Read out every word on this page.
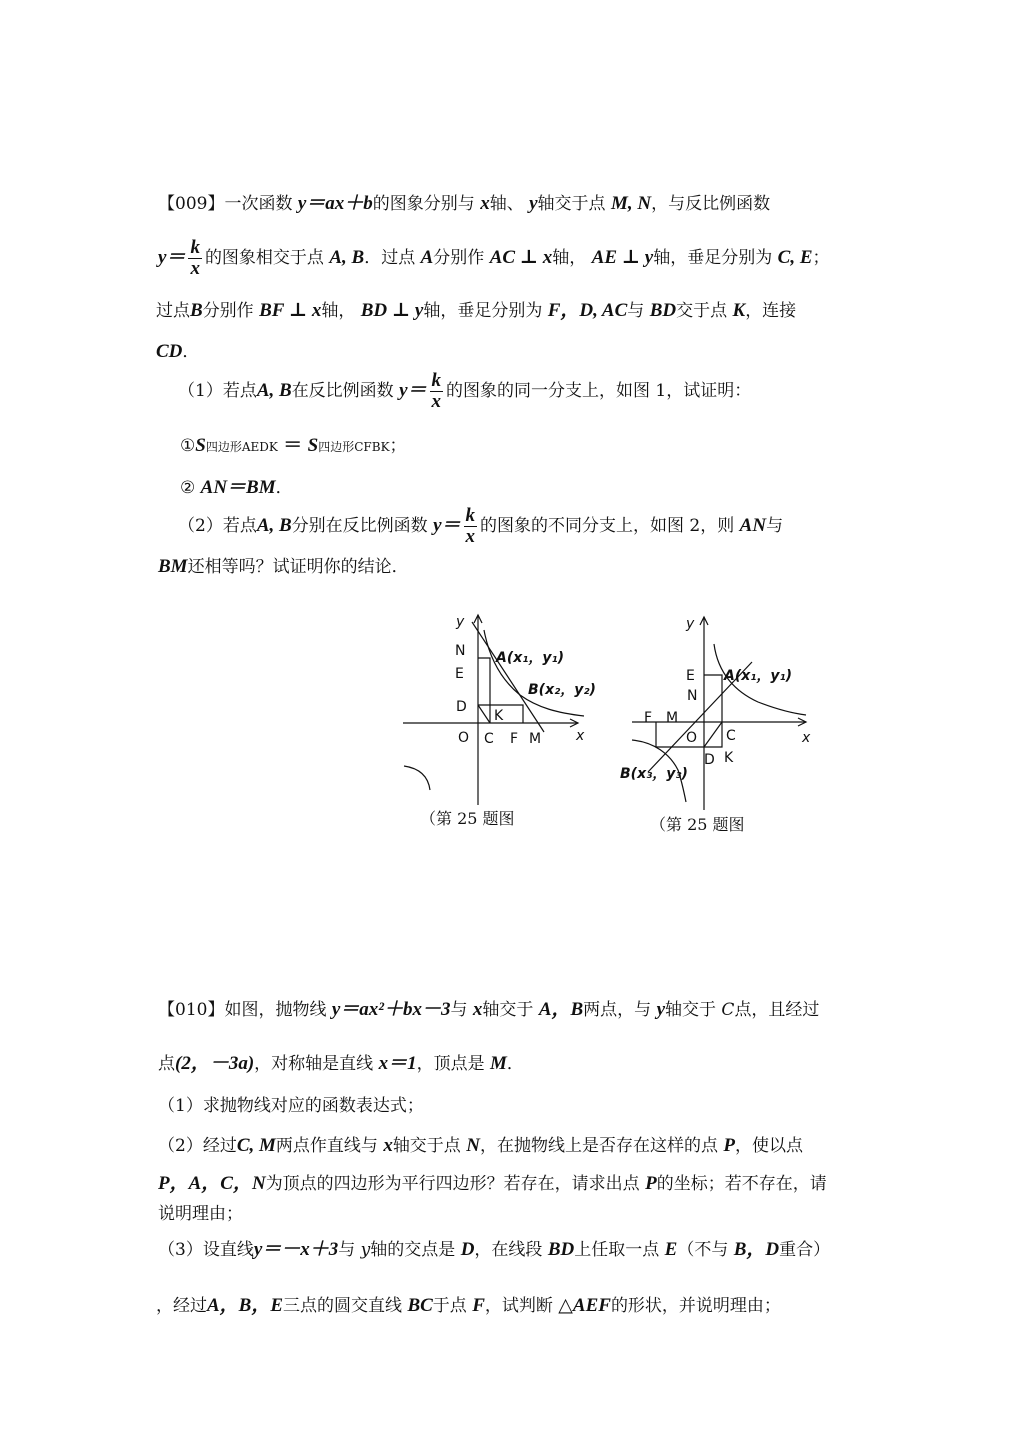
【009】一次函数 y＝ax＋b的图象分别与 x轴、 y轴交于点 M, N，与反比例函数
$y= \frac{k}{x}$ 的图象相交于点 A, B．过点 A分别作 AC ⊥ x轴， AE ⊥ y轴，垂足分别为 C, E；
过点B分别作 BF ⊥ x轴， BD ⊥ y轴，垂足分别为 F，D, AC与 BD交于点 K，连接
CD．
（1）若点A, B在反比例函数 $y= \frac{k}{x}$ 的图象的同一分支上，如图 1，试证明：
①S四边形AEDK ＝ S四边形CFBK；
② AN＝BM．
（2）若点A, B分别在反比例函数 $y= \frac{k}{x}$ 的图象的不同分支上，如图 2，则 AN与
BM还相等吗？试证明你的结论．
y
x
N
E
D
O C F M
K
A(x₁，y₁)
B(x₂，y₂)
（第 25 题图
y
x
E
N
F M
O C
D K
A(x₁，y₁)
B(x₃，y₃)
（第 25 题图
【010】如图，抛物线 y＝ax²＋bx－3与 x轴交于 A，B两点，与 y轴交于 C点，且经过
点(2，－3a)，对称轴是直线 x＝1，顶点是 M．
（1）求抛物线对应的函数表达式；
（2）经过C, M两点作直线与 x轴交于点 N，在抛物线上是否存在这样的点 P，使以点
P，A，C，N为顶点的四边形为平行四边形？若存在，请求出点 P的坐标；若不存在，请
说明理由；
（3）设直线y＝－x＋3与 y轴的交点是 D，在线段 BD上任取一点 E（不与 B，D重合）
，经过A，B，E三点的圆交直线 BC于点 F，试判断 △AEF的形状，并说明理由；
